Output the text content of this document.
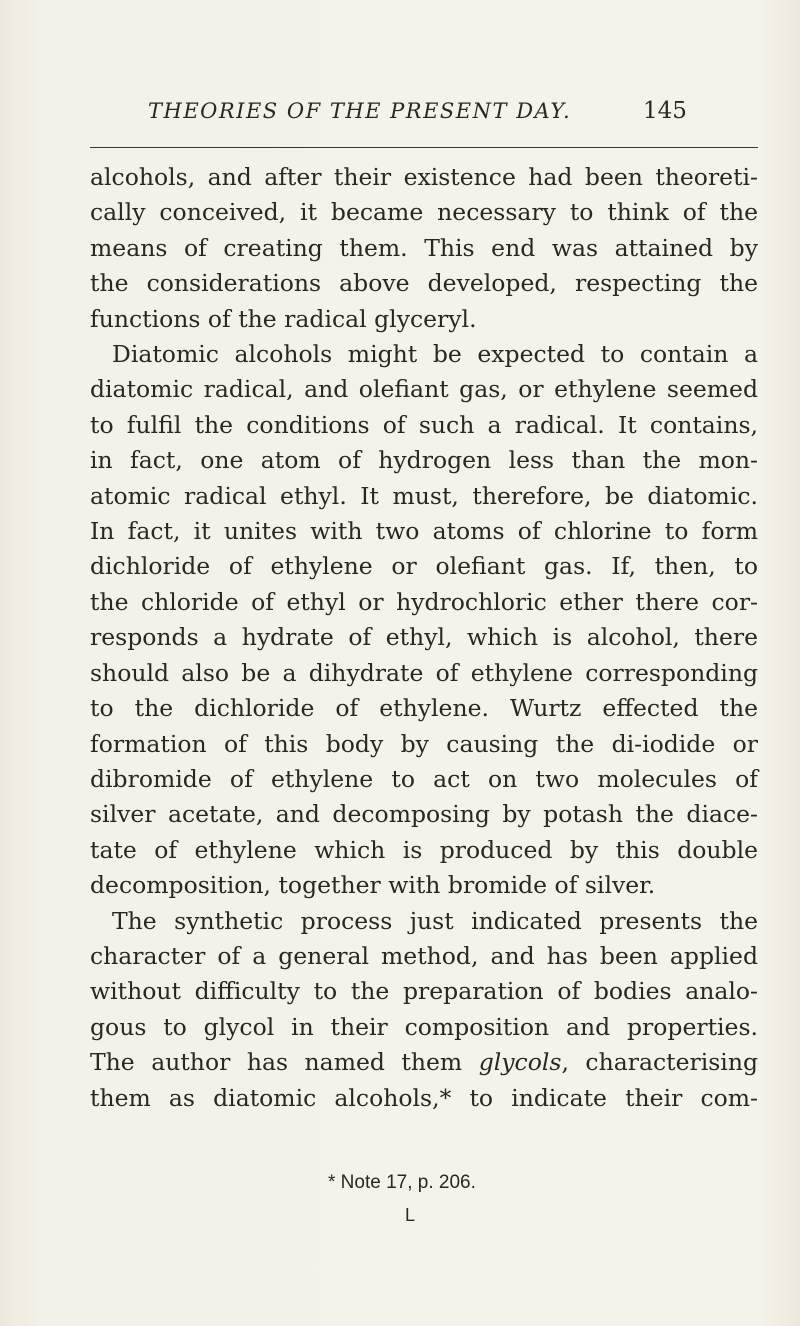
THEORIES OF THE PRESENT DAY.	145
alcohols, and after their existence had been theoreti-
cally conceived, it became necessary to think of the
means of creating them. This end was attained by
the considerations above developed, respecting the
functions of the radical glyceryl.
Diatomic alcohols might be expected to contain a
diatomic radical, and olefiant gas, or ethylene seemed
to fulfil the conditions of such a radical. It contains,
in fact, one atom of hydrogen less than the mon-
atomic radical ethyl. It must, therefore, be diatomic.
In fact, it unites with two atoms of chlorine to form
dichloride of ethylene or olefiant gas. If, then, to
the chloride of ethyl or hydrochloric ether there cor-
responds a hydrate of ethyl, which is alcohol, there
should also be a dihydrate of ethylene corresponding
to the dichloride of ethylene. Wurtz effected the
formation of this body by causing the di-iodide or
dibromide of ethylene to act on two molecules of
silver acetate, and decomposing by potash the diace-
tate of ethylene which is produced by this double
decomposition, together with bromide of silver.
The synthetic process just indicated presents the
character of a general method, and has been applied
without difficulty to the preparation of bodies analo-
gous to glycol in their composition and properties.
The author has named them glycols, characterising
them as diatomic alcohols,* to indicate their com-
* Note 17, p. 206.
L
